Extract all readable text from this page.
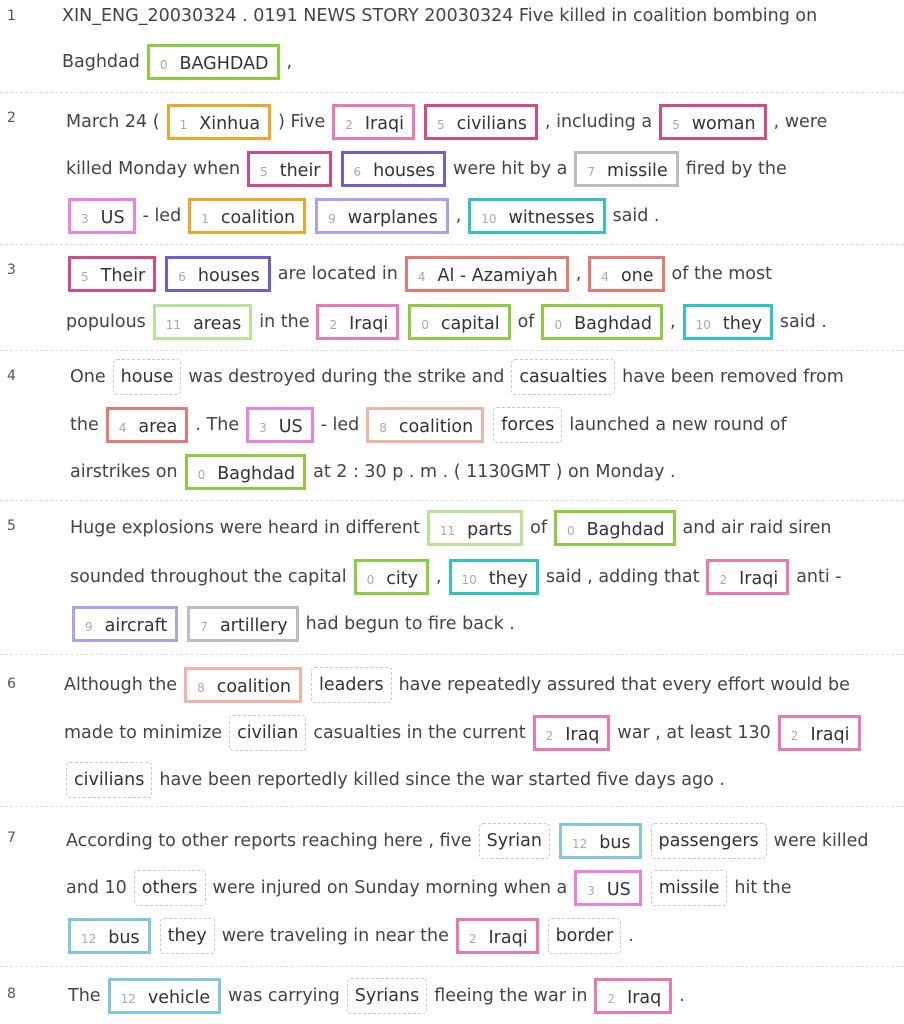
1	XIN_ENG_20030324 . 0191 NEWS STORY 20030324 Five killed in coalition bombing on
Baghdad 0 BAGHDAD ,
2	March 24 ( 1 Xinhua ) Five 2 Iraqi	5 civilians , including a 5 woman , were
killed Monday when 5 their	6 houses were hit by a 7 missile fired by the
3 US - led 1 coalition	9 warplanes , 10 witnesses said .
3	5 Their	6 houses are located in 4 Al - Azamiyah , 4 one of the most
populous 11 areas in the 2 Iraqi	0 capital of 0 Baghdad , 10 they said .
4	One house was destroyed during the strike and casualties have been removed from
the 4 area . The 3 US - led 8 coalition forces launched a new round of
airstrikes on 0 Baghdad at 2 : 30 p . m . ( 1130GMT ) on Monday .
5	Huge explosions were heard in different 11 parts of 0 Baghdad and air raid siren
sounded throughout the capital 0 city , 10 they said , adding that 2 Iraqi anti -
9 aircraft	7 artillery had begun to fire back .
6	Although the 8 coalition leaders have repeatedly assured that every effort would be
made to minimize civilian casualties in the current 2 Iraq war , at least 130 2 Iraqi
civilians have been reportedly killed since the war started five days ago .
7	According to other reports reaching here , five Syrian	12 bus passengers were killed
and 10 others were injured on Sunday morning when a 3 US missile hit the
12 bus they were traveling in near the 2 Iraqi border .
8	The 12 vehicle was carrying Syrians fleeing the war in 2 Iraq .
